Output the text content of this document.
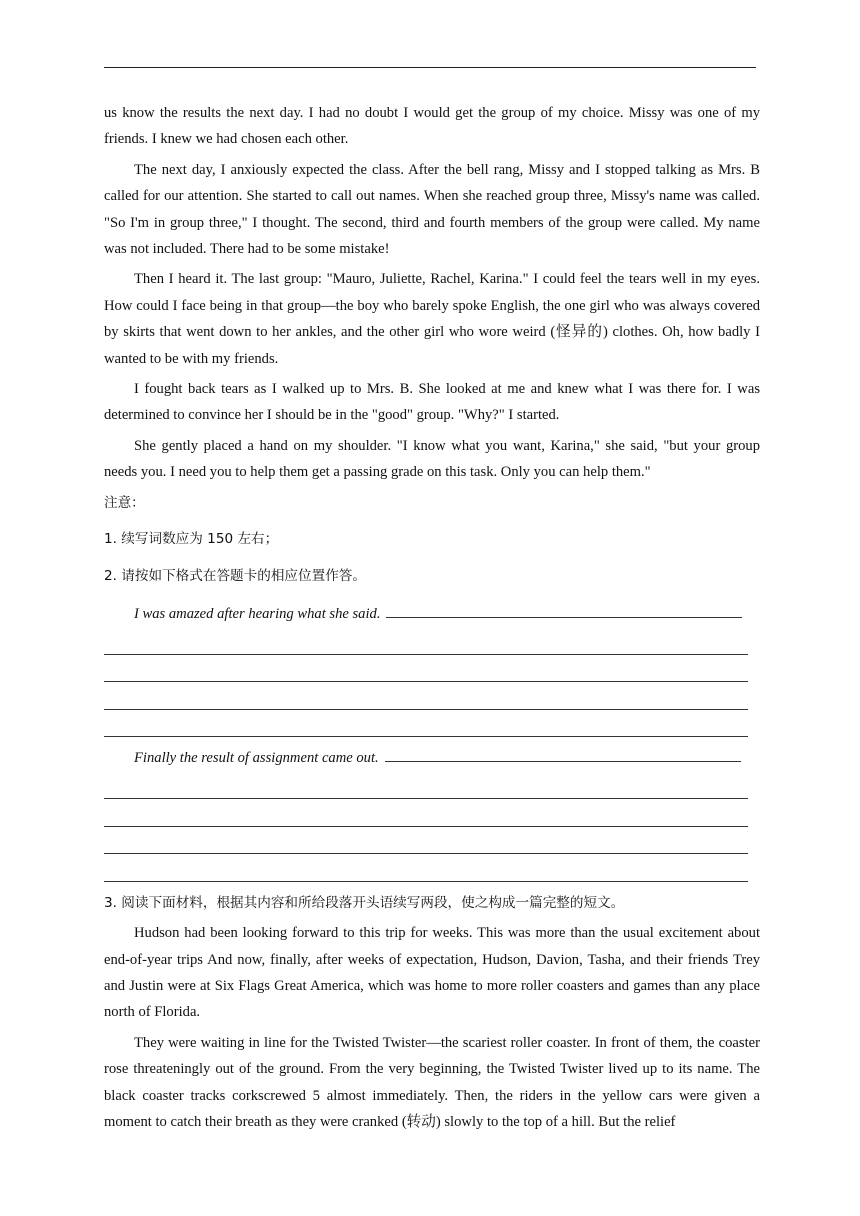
us know the results the next day. I had no doubt I would get the group of my choice. Missy was one of my friends. I knew we had chosen each other.

The next day, I anxiously expected the class. After the bell rang, Missy and I stopped talking as Mrs. B called for our attention. She started to call out names. When she reached group three, Missy's name was called. "So I'm in group three," I thought. The second, third and fourth members of the group were called. My name was not included. There had to be some mistake!

Then I heard it. The last group: "Mauro, Juliette, Rachel, Karina." I could feel the tears well in my eyes. How could I face being in that group—the boy who barely spoke English, the one girl who was always covered by skirts that went down to her ankles, and the other girl who wore weird (怪异的) clothes. Oh, how badly I wanted to be with my friends.

I fought back tears as I walked up to Mrs. B. She looked at me and knew what I was there for. I was determined to convince her I should be in the "good" group. "Why?" I started.

She gently placed a hand on my shoulder. "I know what you want, Karina," she said, "but your group needs you. I need you to help them get a passing grade on this task. Only you can help them."

注意：

1. 续写词数应为 150 左右；

2. 请按如下格式在答题卡的相应位置作答。

I was amazed after hearing what she said.

Finally the result of assignment came out.

3. 阅读下面材料，根据其内容和所给段落开头语续写两段，使之构成一篇完整的短文。

Hudson had been looking forward to this trip for weeks. This was more than the usual excitement about end-of-year trips And now, finally, after weeks of expectation, Hudson, Davion, Tasha, and their friends Trey and Justin were at Six Flags Great America, which was home to more roller coasters and games than any place north of Florida.

They were waiting in line for the Twisted Twister—the scariest roller coaster. In front of them, the coaster rose threateningly out of the ground. From the very beginning, the Twisted Twister lived up to its name. The black coaster tracks corkscrewed 5 almost immediately. Then, the riders in the yellow cars were given a moment to catch their breath as they were cranked (转动) slowly to the top of a hill. But the relief
